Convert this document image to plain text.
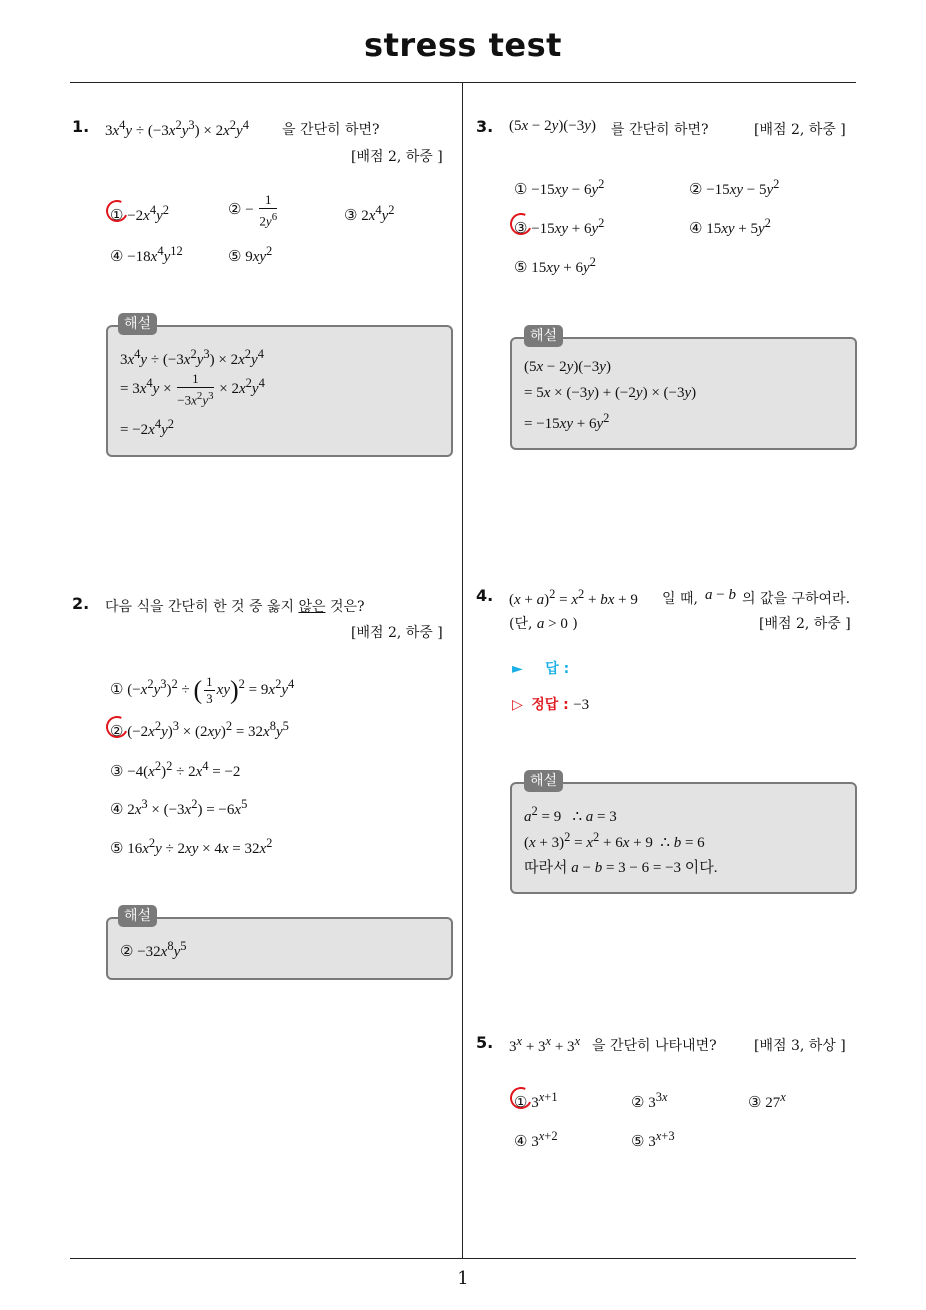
stress test
1
1. $3x^4y \div (-3x^2y^3) \times 2x^2y^4$ 을 간단히 하면?
[배점 2, 하중 ]
① $-2x^4y^2$	② − $\frac{1}{2y^6}$	③ $2x^4y^2$
④ $-18x^4y^{12}$	⑤ $9xy^2$
$3x^4y \div (-3x^2y^3) \times 2x^2y^4$
= $3x^4y \times \frac{1}{-3x^2y^3} \times 2x^2y^4$
= $-2x^4y^2$
해설
2. 다음 식을 간단히 한 것 중 옳지 않은 것은?
[배점 2, 하중 ]
① $(-x^2y^3)^2$ ÷ ( $\frac{1}{3} xy)^2 = 9x^2y^4$
② $(-2x^2y)^3 \times (2xy)^2 = 32x^8y^5$
③ $-4(x^2)^2 \div 2x^4 = -2$
④ $2x^3 \times (-3x^2) = -6x^5$
⑤ $16x^2y \div 2xy \times 4x = 32x^2$
② $-32x^8y^5$
해설
3. (5x − 2y)(−3y) 를 간단히 하면?	[배점 2, 하중 ]
① $-15xy - 6y^2$	② $-15xy - 5y^2$
③ $-15xy + 6y^2$	④ $15xy + 5y^2$
⑤ $15xy + 6y^2$
(5x − 2y)(−3y)
= 5x × (−3y) + (−2y) × (−3y)
= $-15xy + 6y^2$
해설
4. $(x + a)^2 = x^2$ + bx + 9 일 때, a − b 의 값을 구하여라.
(단, a > 0 )	[배점 2, 하중 ]
► 답 :
▷ 정답 : −3
$a^2 = 9$   ∴ a = 3
$(x + 3)^2 = x^2 + 6x + 9$  ∴ b = 6
따라서 a − b = 3 − 6 = −3 이다.
해설
5. $3^x + 3^x + 3^x$ 을 간단히 나타내면?	[배점 3, 하상 ]
① $3^{x+1}$	② $3^{3x}$	③ 27$^x$
④ $3^{x+2}$	⑤ $3^{x+3}$
